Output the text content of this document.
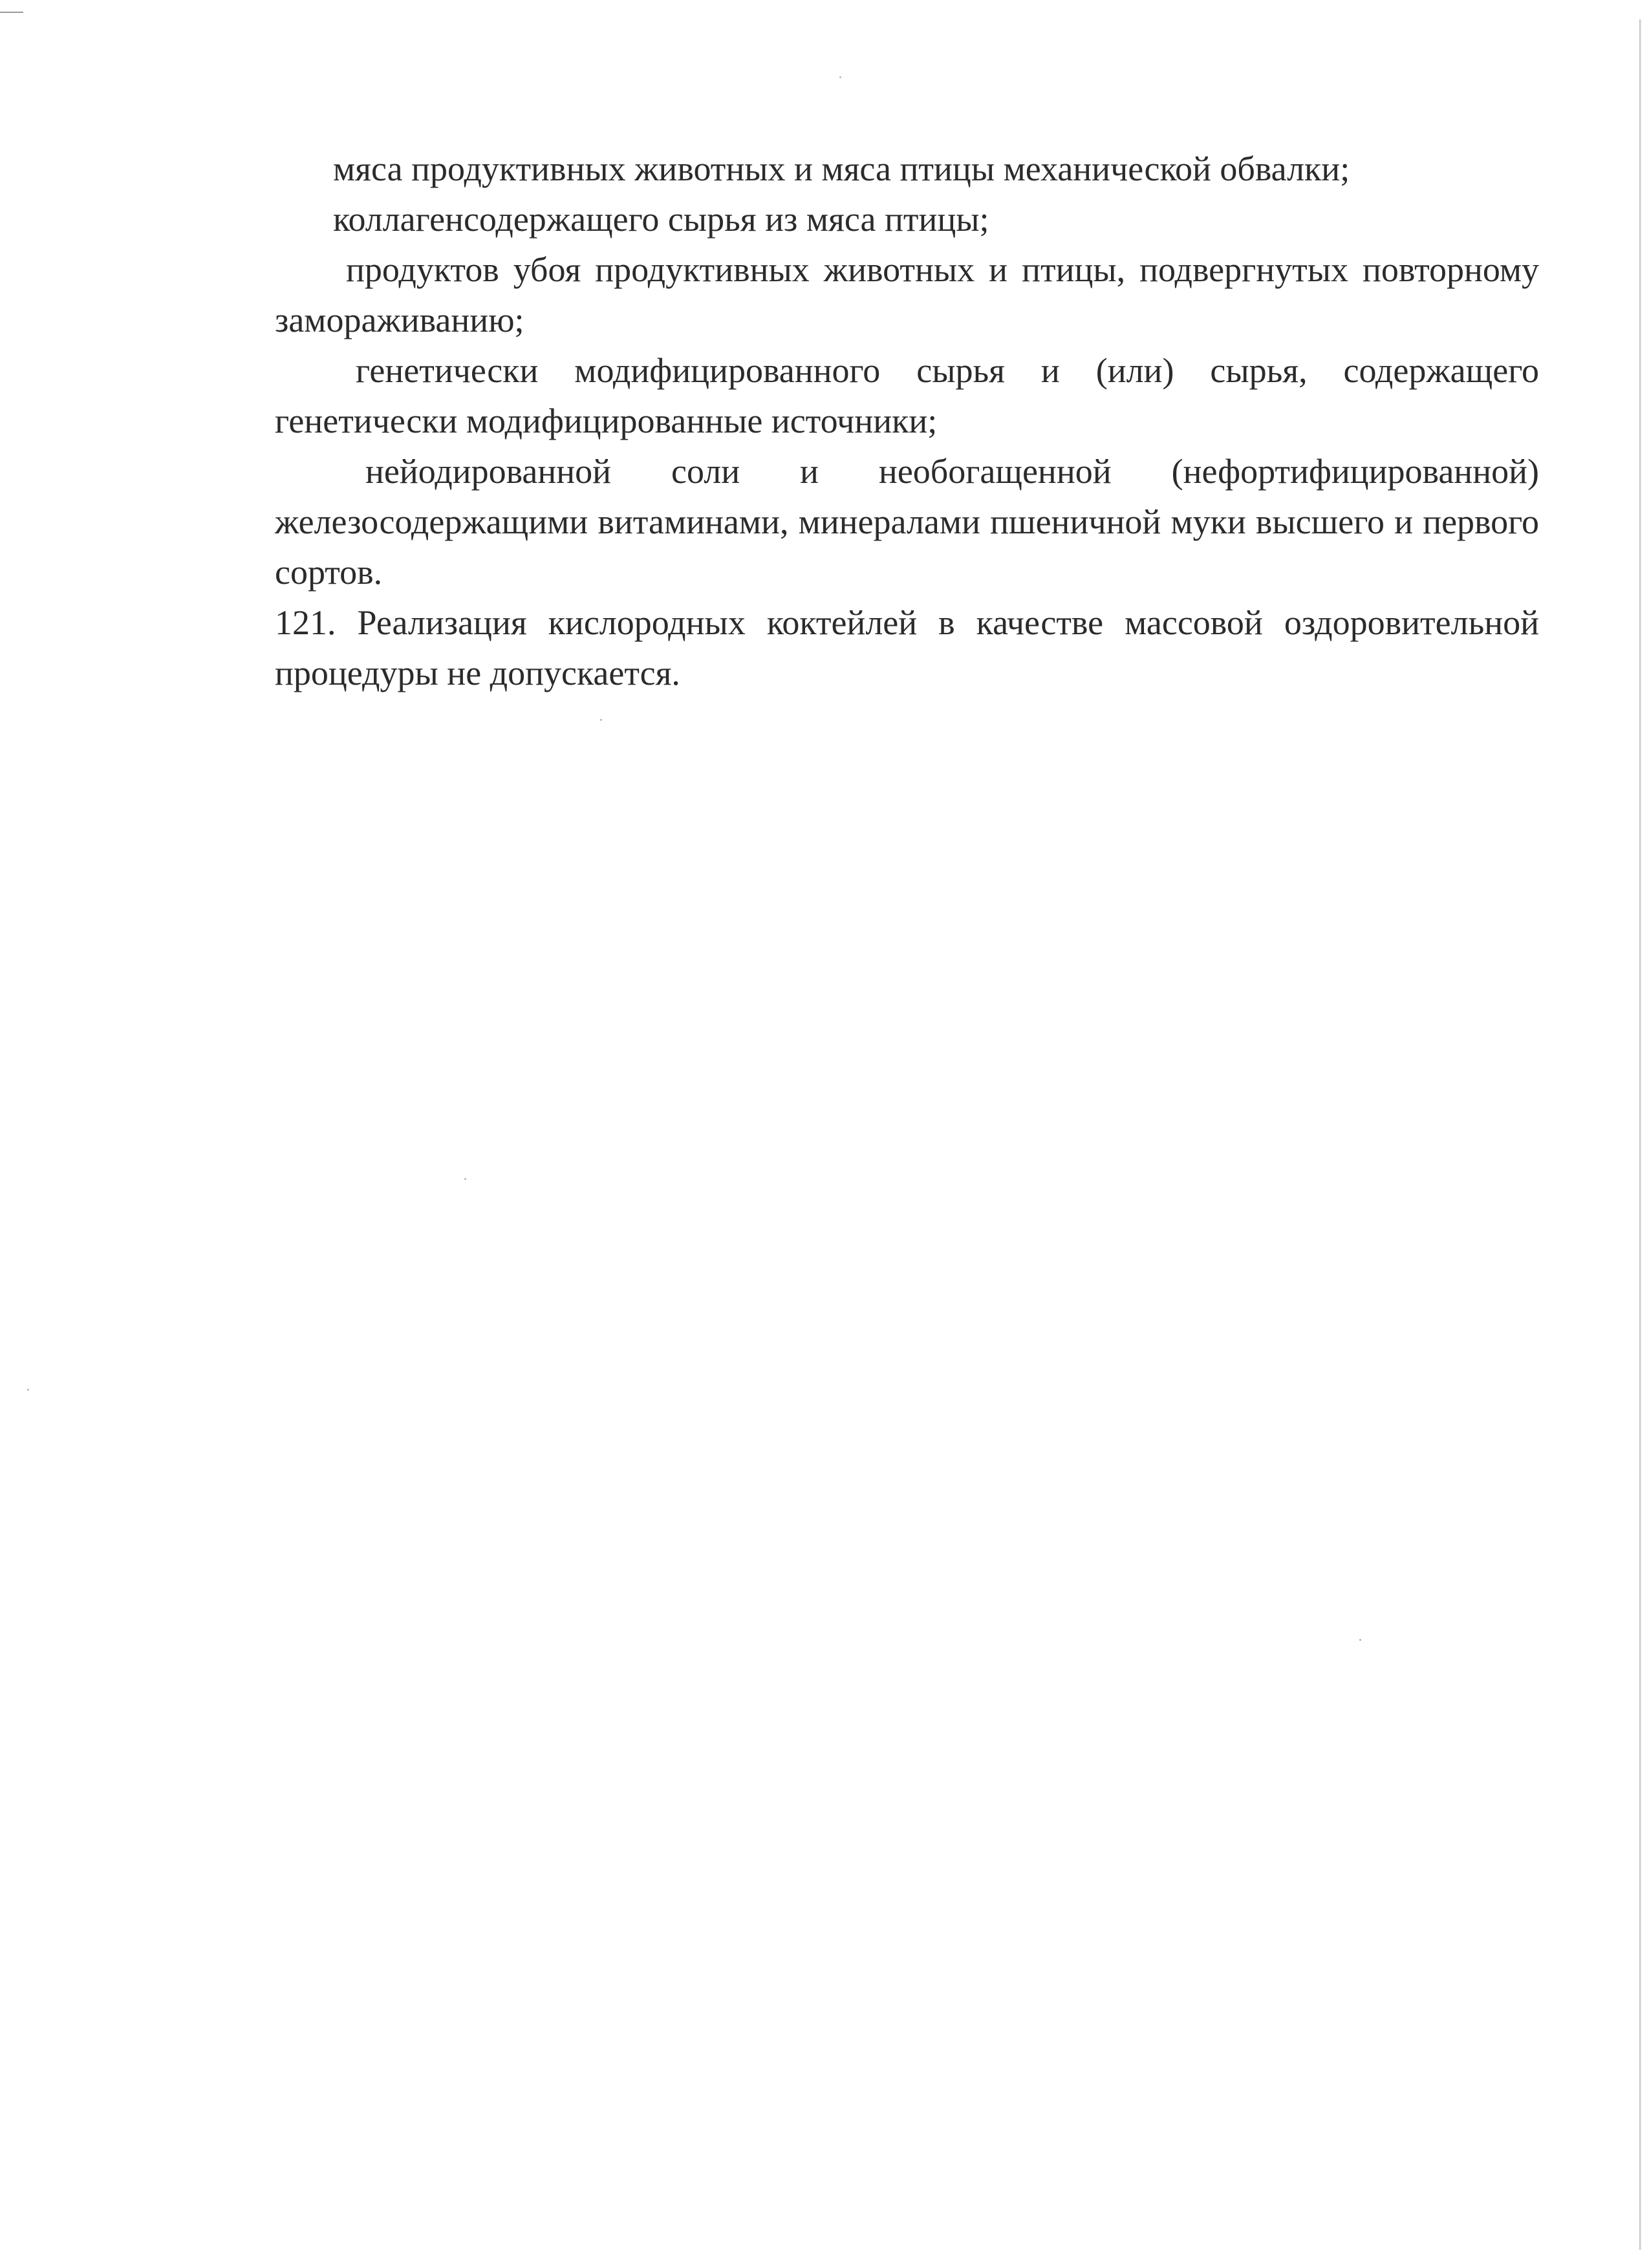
мяса продуктивных животных и мяса птицы механической обвалки;

коллагенсодержащего сырья из мяса птицы;

продуктов убоя продуктивных животных и птицы, подвергнутых повторному замораживанию;

генетически модифицированного сырья и (или) сырья, содержащего генетически модифицированные источники;

нейодированной соли и необогащенной (нефортифицированной) железосодержащими витаминами, минералами пшеничной муки высшего и первого сортов.

121. Реализация кислородных коктейлей в качестве массовой оздоровительной процедуры не допускается.
